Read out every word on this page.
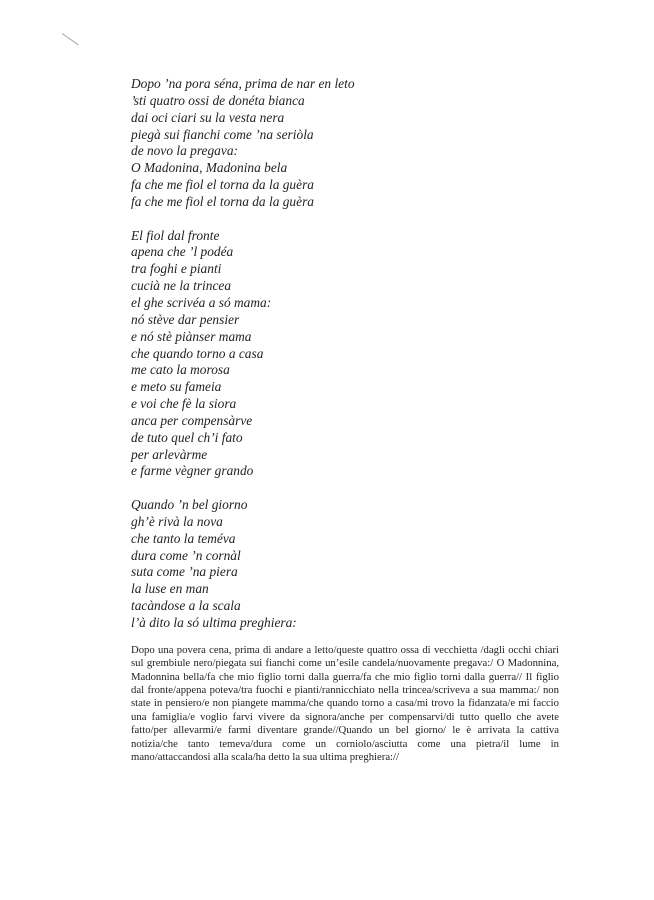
Dopo ’na pora séna, prima de nar en leto
’sti quatro ossi de donéta bianca
dai oci ciari su la vesta nera
piegà sui fianchi come ’na seriòla
de novo la pregava:
O Madonina, Madonina bela
fa che me fiol el torna da la guèra
fa che me fiol el torna da la guèra
El fiol dal fronte
apena che ’l podéa
tra foghi e pianti
cucià ne la trincea
el ghe scrivéa a só mama:
nó stève dar pensier
e nó stè piànser mama
che quando torno a casa
me cato la morosa
e meto su fameia
e voi che fè la siora
anca per compensàrve
de tuto quel ch’i fato
per arlevàrme
e farme vègner grando
Quando ’n bel giorno
gh’è rivà la nova
che tanto la teméva
dura come ’n cornàl
suta come ’na piera
la luse en man
tacàndose a la scala
l’à dito la só ultima preghiera:

Dopo una povera cena, prima di andare a letto/queste quattro ossa di vecchietta /dagli occhi chiari sul grembiule nero/piegata sui fianchi come un’esile candela/nuovamente pregava:/ O Madonnina, Madonnina bella/fa che mio figlio torni dalla guerra/fa che mio figlio torni dalla guerra// Il figlio dal fronte/appena poteva/tra fuochi e pianti/rannicchiato nella trincea/scriveva a sua mamma:/ non state in pensiero/e non piangete mamma/che quando torno a casa/mi trovo la fidanzata/e mi faccio una famiglia/e voglio farvi vivere da signora/anche per compensarvi/di tutto quello che avete fatto/per allevarmi/e farmi diventare grande//Quando un bel giorno/ le è arrivata la cattiva notizia/che tanto temeva/dura come un corniolo/asciutta come una pietra/il lume in mano/attaccandosi alla scala/ha detto la sua ultima preghiera://
